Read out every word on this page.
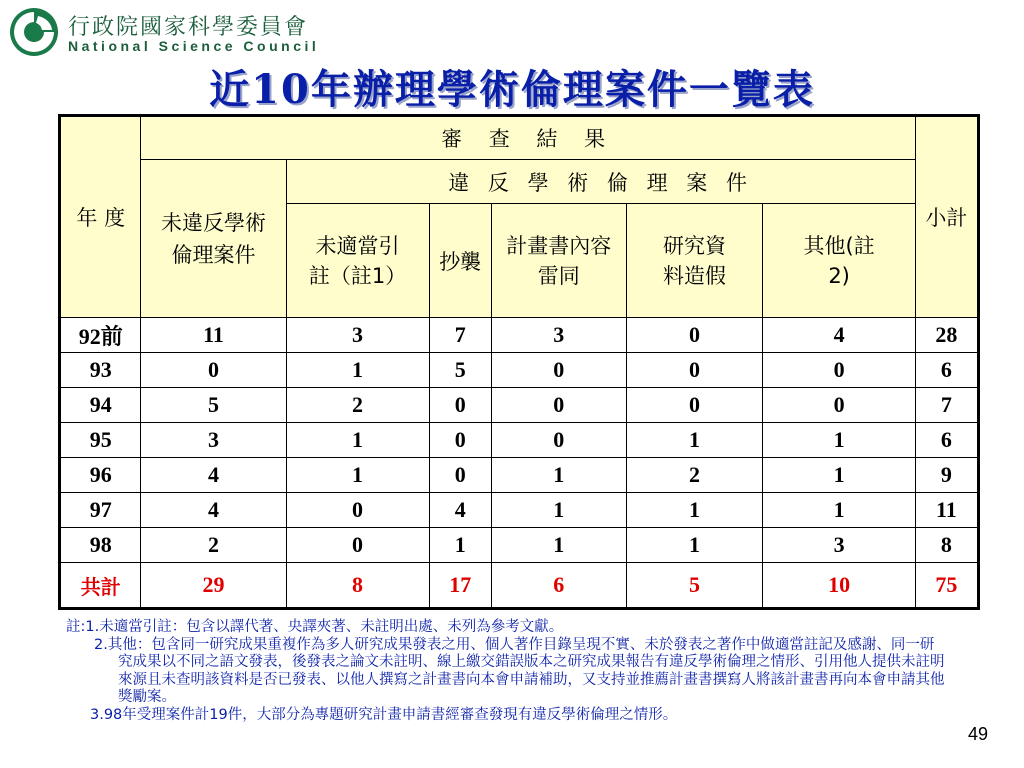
行政院國家科學委員會
National Science Council
近10年辦理學術倫理案件一覽表
年 度	審 查 結 果						小計
	未違反學術倫理案件	違 反 學 術 倫 理 案 件					
		未適當引註（註1）	抄襲	計畫書內容雷同	研究資料造假	其他(註2)	
92前	11	3	7	3	0	4	28
93	0	1	5	0	0	0	6
94	5	2	0	0	0	0	7
95	3	1	0	0	1	1	6
96	4	1	0	1	2	1	9
97	4	0	4	1	1	1	11
98	2	0	1	1	1	3	8
共計	29	8	17	6	5	10	75
註:1.未適當引註：包含以譯代著、央譯夾著、未註明出處、未列為參考文獻。
2.其他：包含同一研究成果重複作為多人研究成果發表之用、個人著作目錄呈現不實、未於發表之著作中做適當註記及感謝、同一研究成果以不同之語文發表，後發表之論文未註明、線上繳交錯誤版本之研究成果報告有違反學術倫理之情形、引用他人提供未註明來源且未查明該資料是否已發表、以他人撰寫之計畫書向本會申請補助，又支持並推薦計畫書撰寫人將該計畫書再向本會申請其他獎勵案。
3.98年受理案件計19件，大部分為專題研究計畫申請書經審查發現有違反學術倫理之情形。
49
